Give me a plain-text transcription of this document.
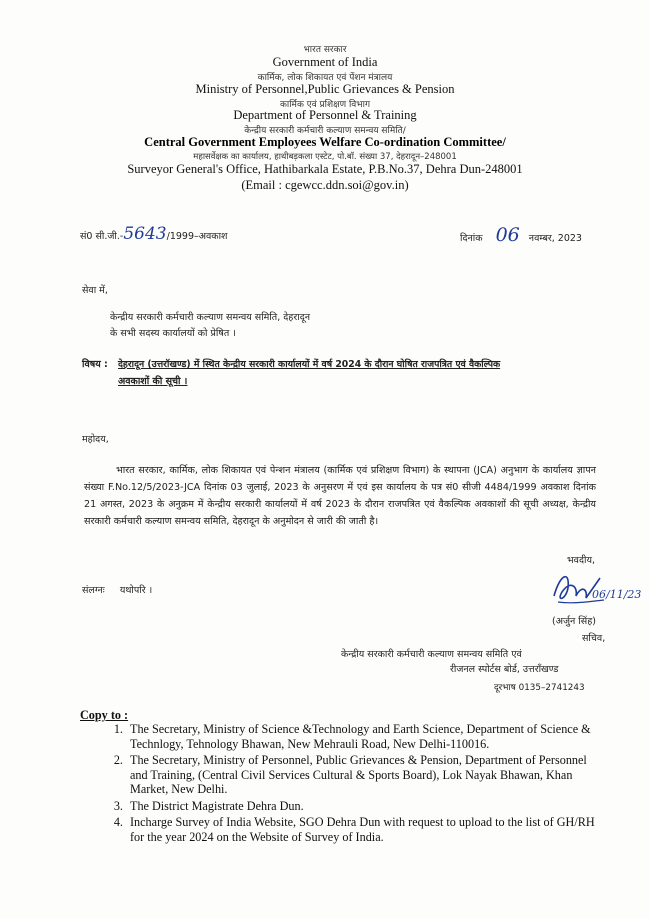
भारत सरकार
Government of India
कार्मिक, लोक शिकायत एवं पेंशन मंत्रालय
Ministry of Personnel,Public Grievances & Pension
कार्मिक एवं प्रशिक्षण विभाग
Department of Personnel & Training
केन्द्रीय सरकारी कर्मचारी कल्याण समन्वय समिति/
Central Government Employees Welfare Co-ordination Committee/
महासर्वेक्षक का कार्यालय, हाथीबड़कला एस्टेट, पो.बॉ. संख्या 37, देहरादून–248001
Surveyor General's Office, Hathibarkala Estate, P.B.No.37, Dehra Dun-248001
(Email : cgewcc.ddn.soi@gov.in)
सं0 सी.जी.-5643/1999–अवकाश	दिनांक 06 नवम्बर, 2023
सेवा में,
केन्द्रीय सरकारी कर्मचारी कल्याण समन्वय समिति, देहरादून
के सभी सदस्य कार्यालयों को प्रेषित ।
विषय : देहरादून (उत्तरॉखण्ड) में स्थित केन्द्रीय सरकारी कार्यालयों में वर्ष 2024 के दौरान घोषित राजपत्रित एवं वैकल्पिक
अवकाशों की सूची ।
महोदय,
भारत सरकार, कार्मिक, लोक शिकायत एवं पेन्शन मंत्रालय (कार्मिक एवं प्रशिक्षण विभाग) के स्थापना (JCA) अनुभाग के कार्यालय ज्ञापन संख्या F.No.12/5/2023-JCA दिनांक 03 जुलाई, 2023 के अनुसरण में एवं इस कार्यालय के पत्र सं0 सीजी 4484/1999 अवकाश दिनांक 21 अगस्त, 2023 के अनुक्रम में केन्द्रीय सरकारी कार्यालयों में वर्ष 2023 के दौरान राजपत्रित एवं वैकल्पिक अवकाशों की सूची अध्यक्ष, केन्द्रीय सरकारी कर्मचारी कल्याण समन्वय समिति, देहरादून के अनुमोदन से जारी की जाती है।
भवदीय,
संलग्नः यथोपरि ।	06/11/23
(अर्जुन सिंह)
सचिव,
केन्द्रीय सरकारी कर्मचारी कल्याण समन्वय समिति एवं
रीजनल स्पोर्टस बोर्ड, उत्तराँखण्ड
दूरभाष 0135–2741243
Copy to :
1. The Secretary, Ministry of Science &Technology and Earth Science, Department of Science & Technlogy, Tehnology Bhawan, New Mehrauli Road, New Delhi-110016.
2. The Secretary, Ministry of Personnel, Public Grievances & Pension, Department of Personnel and Training, (Central Civil Services Cultural & Sports Board), Lok Nayak Bhawan, Khan Market, New Delhi.
3. The District Magistrate Dehra Dun.
4. Incharge Survey of India Website, SGO Dehra Dun with request to upload to the list of GH/RH for the year 2024 on the Website of Survey of India.
